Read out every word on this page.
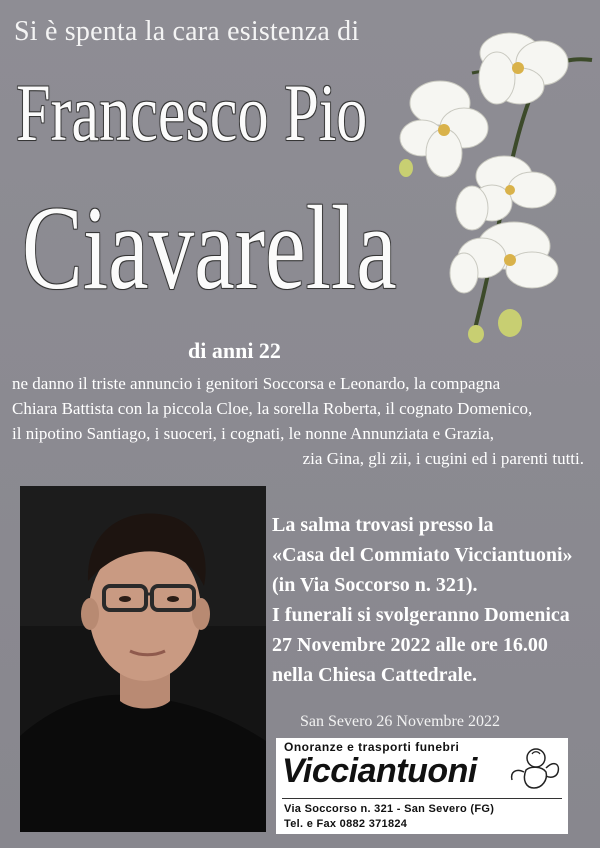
Si è spenta la cara esistenza di
Francesco Pio
Ciavarella
di anni 22
ne danno il triste annuncio i genitori Soccorsa e Leonardo, la compagna
Chiara Battista con la piccola Cloe, la sorella Roberta, il cognato Domenico,
il nipotino Santiago, i suoceri, i cognati, le nonne Annunziata e Grazia,
zia Gina, gli zii, i cugini ed i parenti tutti.
La salma trovasi presso la
«Casa del Commiato Vicciantuoni»
(in Via Soccorso n. 321).
I funerali si svolgeranno Domenica
27 Novembre 2022 alle ore 16.00
nella Chiesa Cattedrale.
San Severo 26 Novembre 2022
Onoranze e trasporti funebri
Vicciantuoni
Via Soccorso n. 321 - San Severo (FG)
Tel. e Fax 0882 371824
